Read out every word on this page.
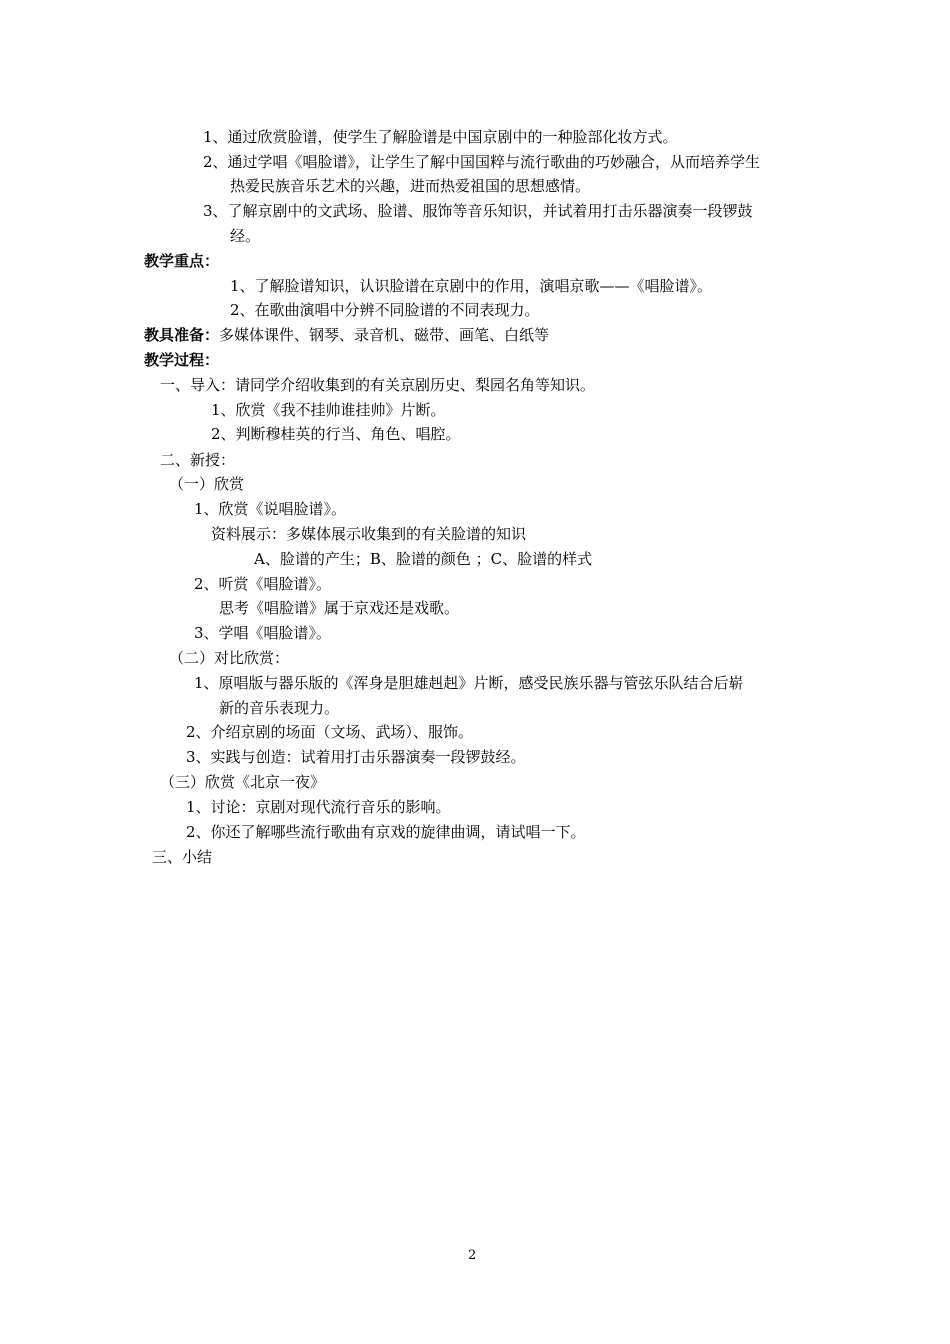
1、通过欣赏脸谱，使学生了解脸谱是中国京剧中的一种脸部化妆方式。
2、通过学唱《唱脸谱》，让学生了解中国国粹与流行歌曲的巧妙融合，从而培养学生
热爱民族音乐艺术的兴趣，进而热爱祖国的思想感情。
3、了解京剧中的文武场、脸谱、服饰等音乐知识，并试着用打击乐器演奏一段锣鼓
经。
教学重点：
1、了解脸谱知识，认识脸谱在京剧中的作用，演唱京歌——《唱脸谱》。
2、在歌曲演唱中分辨不同脸谱的不同表现力。
教具准备：多媒体课件、钢琴、录音机、磁带、画笔、白纸等
教学过程：
一、导入：请同学介绍收集到的有关京剧历史、梨园名角等知识。
1、欣赏《我不挂帅谁挂帅》片断。
2、判断穆桂英的行当、角色、唱腔。
二、新授：
（一）欣赏
1、欣赏《说唱脸谱》。
资料展示：多媒体展示收集到的有关脸谱的知识
A、脸谱的产生；B、脸谱的颜色 ；C、脸谱的样式
2、听赏《唱脸谱》。
思考《唱脸谱》属于京戏还是戏歌。
3、学唱《唱脸谱》。
（二）对比欣赏：
1、原唱版与器乐版的《浑身是胆雄赳赳》片断，感受民族乐器与管弦乐队结合后崭
新的音乐表现力。
2、介绍京剧的场面（文场、武场）、服饰。
3、实践与创造：试着用打击乐器演奏一段锣鼓经。
（三）欣赏《北京一夜》
1、讨论：京剧对现代流行音乐的影响。
2、你还了解哪些流行歌曲有京戏的旋律曲调，请试唱一下。
三、小结
2
